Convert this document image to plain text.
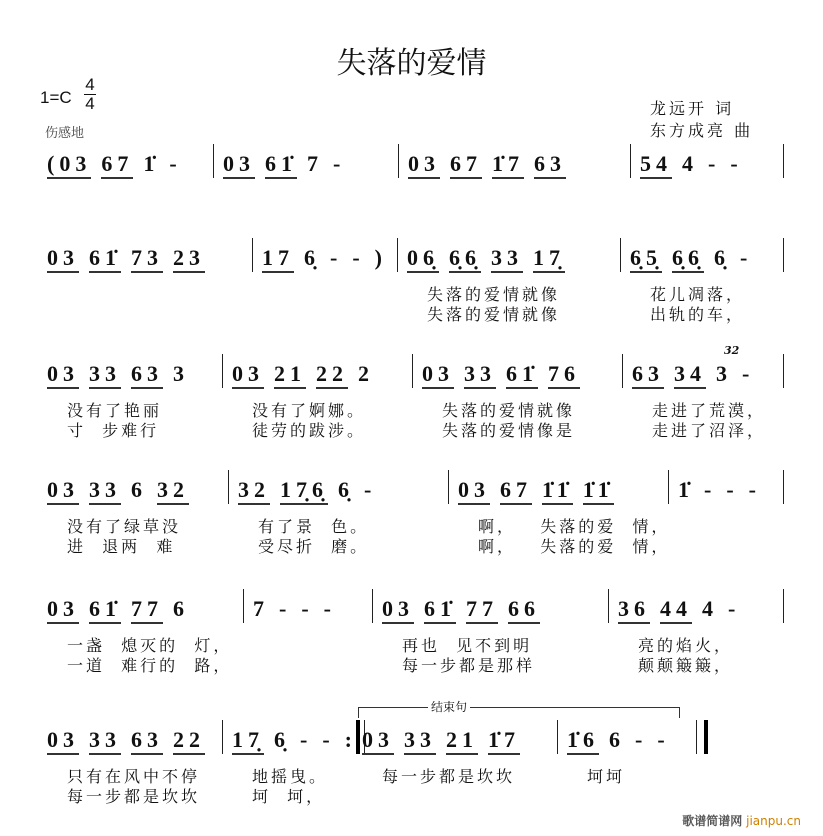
失落的爱情
1=C
4
4
伤感地
龙远开 词
东方成亮 曲
结束句
32
歌谱简谱网 jianpu.cn
(03 67 1̇ - 03 61̇ 7 -	03 67 1̇7 63	54 4 - -
03 61̇ 73 23	17 6̣ - - ) 06̣ 6̣6̣ 33 17̣
失落的爱情就像
失落的爱情就像
6̣5̣ 6̣6̣ 6̣ -
花儿凋落，
出轨的车，
03 33 63 3
没有了艳丽
寸  步难行
03 21 22 2
没有了婀娜。
徒劳的跋涉。
03 33 61̇ 76
失落的爱情就像
失落的爱情像是
63 34 3 -
走进了荒漠，
走进了沼泽，
03 33 6 32
没有了绿草没
进  退两  难
32 17̣6̣ 6̣ -
有了景  色。
受尽折  磨。
03 67 1̇1̇ 1̇1̇
啊，   失落的爱  情，
啊，   失落的爱  情，
1̇ - - -
03 61̇ 77 6
一盏  熄灭的  灯，
一道  难行的  路，
7 - - - 03 61̇ 77 66
再也  见不到明
每一步都是那样
36 44 4 -
亮的焰火，
颠颠簸簸，
03 33 63 22
只有在风中不停
每一步都是坎坎
17̣ 6̣ - - :
地摇曳。
坷  坷，
03 33 21 1̇7
每一步都是坎坎
1̇6 6 - -
坷坷
